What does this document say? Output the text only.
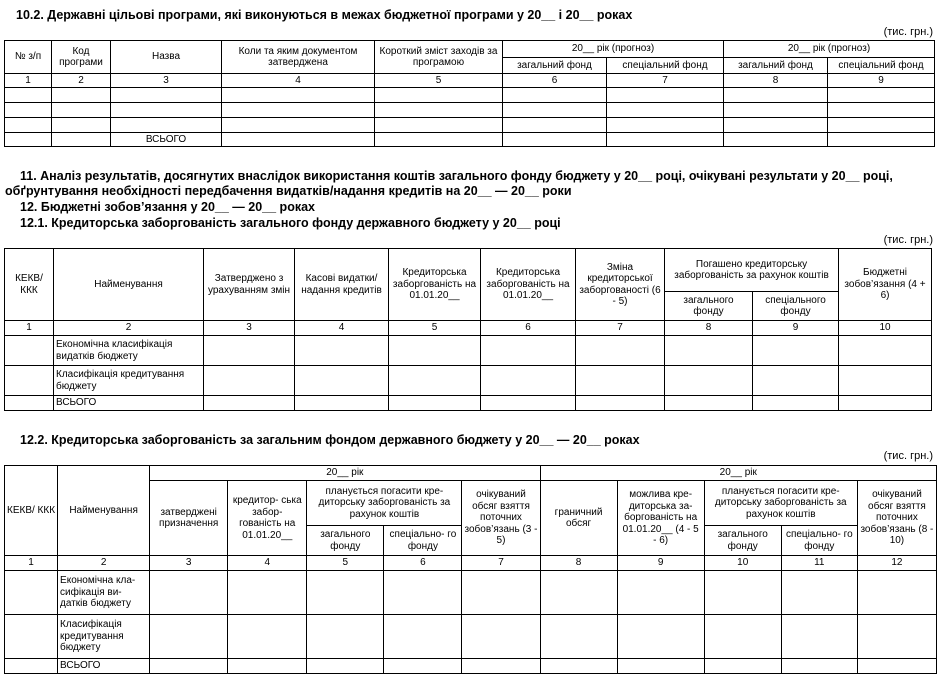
10.2. Державні цільові програми, які виконуються в межах бюджетної програми у 20__ і 20__ роках
(тис. грн.)
№ з/п	Код програми	Назва	Коли та яким документом затверджена	Короткий зміст заходів за програмою	20__ рік (прогноз)		20__ рік (прогноз)	
					загальний фонд	спеціальний фонд	загальний фонд	спеціальний фонд
1	2	3	4	5	6	7	8	9

		ВСЬОГО						
11. Аналіз результатів, досягнутих внаслідок використання коштів загального фонду бюджету у 20__ році, очікувані результати у 20__ році,
обґрунтування необхідності передбачення видатків/надання кредитів на 20__ — 20__ роки
12. Бюджетні зобов’язання у 20__ — 20__ роках
12.1. Кредиторська заборгованість загального фонду державного бюджету у 20__ році
(тис. грн.)
КЕКВ/ККК	Найменування	Затверджено з урахуванням змін	Касові видатки/ надання кредитів	Кредиторська заборгованість на 01.01.20__	Кредиторська заборгованість на 01.01.20__	Зміна кредиторської заборгованості (6 - 5)	Погашено кредиторську заборгованість за рахунок коштів		Бюджетні зобов’язання (4 + 6)
							загального фонду	спеціального фонду	
1	2	3	4	5	6	7	8	9	10
	Економічна класифікація видатків бюджету								
	Класифікація кредитування бюджету								
	ВСЬОГО								
12.2. Кредиторська заборгованість за загальним фондом державного бюджету у 20__ — 20__ роках
(тис. грн.)
КЕКВ/ ККК	Найменування	20__ рік					20__ рік				
		затверджені призначення	кредитор- ська забор- гованість на 01.01.20__	планується погасити кре- диторську заборгованість за рахунок коштів		очікуваний обсяг взяття поточних зобов’язань (3 - 5)	граничний обсяг	можлива кре- диторська за- боргованість на 01.01.20__ (4 - 5 - 6)	планується погасити кре- диторську заборгованість за рахунок коштів		очікуваний обсяг взяття поточних зобов’язань (8 - 10)
				загального фонду	спеціально- го фонду				загального фонду	спеціально- го фонду	
1	2	3	4	5	6	7	8	9	10	11	12
	Економічна кла- сифікація ви- датків бюджету										
	Класифікація кредитування бюджету										
	ВСЬОГО										
